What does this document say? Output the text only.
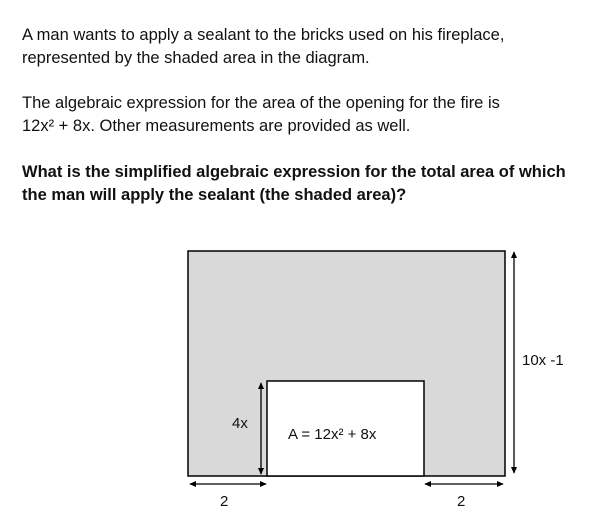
A man wants to apply a sealant to the bricks used on his fireplace,
represented by the shaded area in the diagram.

The algebraic expression for the area of the opening for the fire is
12x² + 8x. Other measurements are provided as well.

What is the simplified algebraic expression for the total area of which
the man will apply the sealant (the shaded area)?

A = 12x² + 8x
4x
10x -1
2	2
